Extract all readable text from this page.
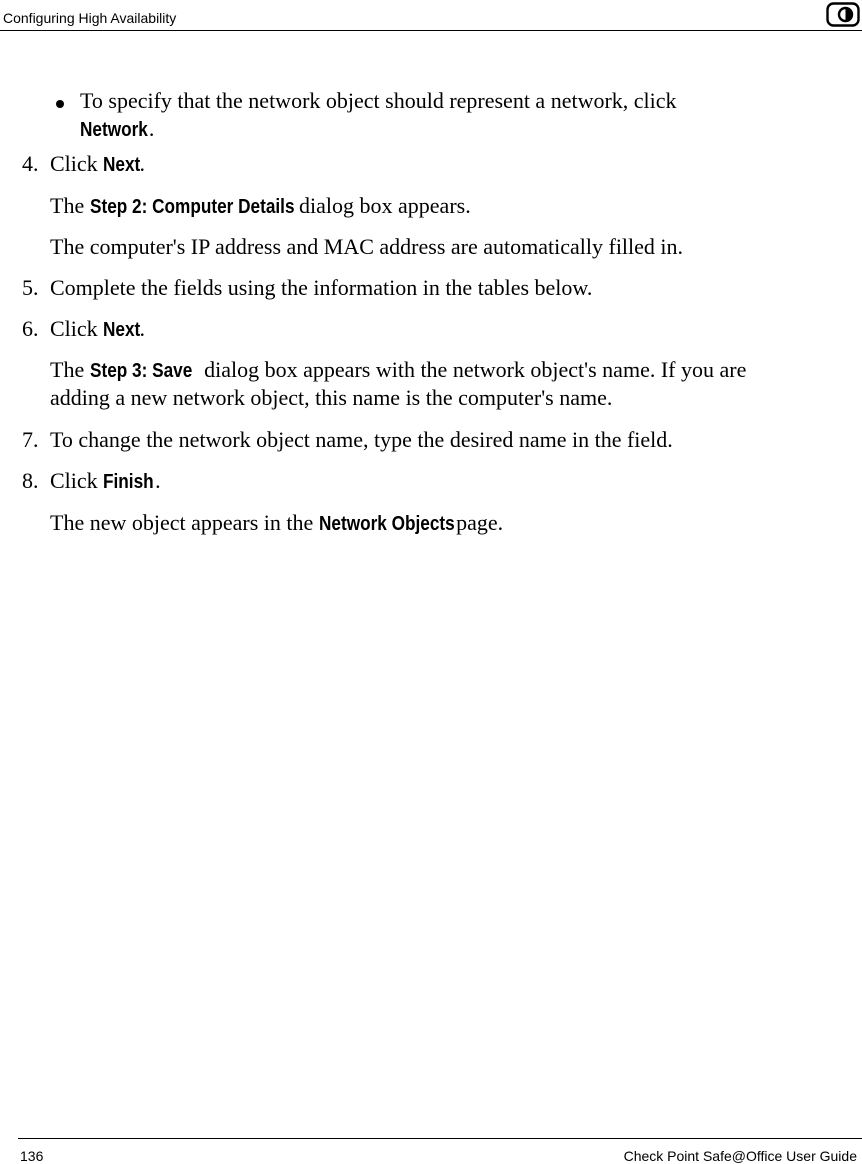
Configuring High Availability
To specify that the network object should represent a network, click
Network.
4. Click Next.
The Step 2: Computer Details dialog box appears.
The computer's IP address and MAC address are automatically filled in.
5. Complete the fields using the information in the tables below.
6. Click Next.
The Step 3: Save dialog box appears with the network object's name. If you are
adding a new network object, this name is the computer's name.
7. To change the network object name, type the desired name in the field.
8. Click Finish.
The new object appears in the Network Objects page.
136	Check Point Safe@Office User Guide
